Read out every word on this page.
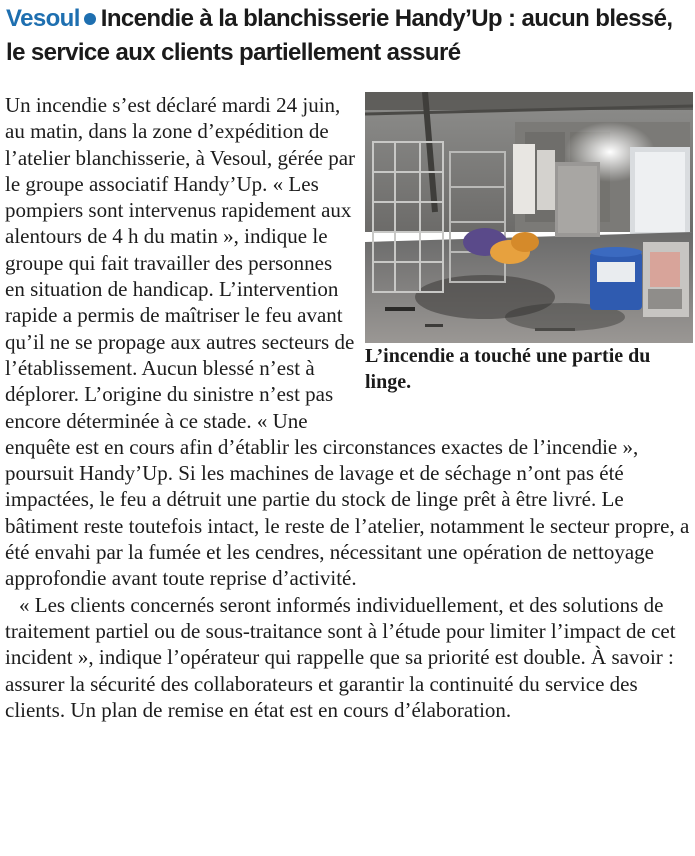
Vesoul Incendie à la blanchisserie Handy’Up : aucun blessé, le service aux clients partiellement assuré

L’incendie a touché une partie du linge.

Un incendie s’est déclaré mardi 24 juin, au matin, dans la zone d’expédition de l’atelier blanchisserie, à Vesoul, gérée par le groupe associatif Handy’Up. « Les pompiers sont intervenus rapidement aux alentours de 4 h du matin », indique le groupe qui fait travailler des personnes en situation de handicap. L’intervention rapide a permis de maîtriser le feu avant qu’il ne se propage aux autres secteurs de l’établissement. Aucun blessé n’est à déplorer. L’origine du sinistre n’est pas encore déterminée à ce stade. « Une enquête est en cours afin d’établir les circonstances exactes de l’incendie », poursuit Handy’Up. Si les machines de lavage et de séchage n’ont pas été impactées, le feu a détruit une partie du stock de linge prêt à être livré. Le bâtiment reste toutefois intact, le reste de l’atelier, notamment le secteur propre, a été envahi par la fumée et les cendres, nécessitant une opération de nettoyage approfondie avant toute reprise d’activité.

« Les clients concernés seront informés individuellement, et des solutions de traitement partiel ou de sous-traitance sont à l’étude pour limiter l’impact de cet incident », indique l’opérateur qui rappelle que sa priorité est double. À savoir : assurer la sécurité des collaborateurs et garantir la continuité du service des clients. Un plan de remise en état est en cours d’élaboration.
